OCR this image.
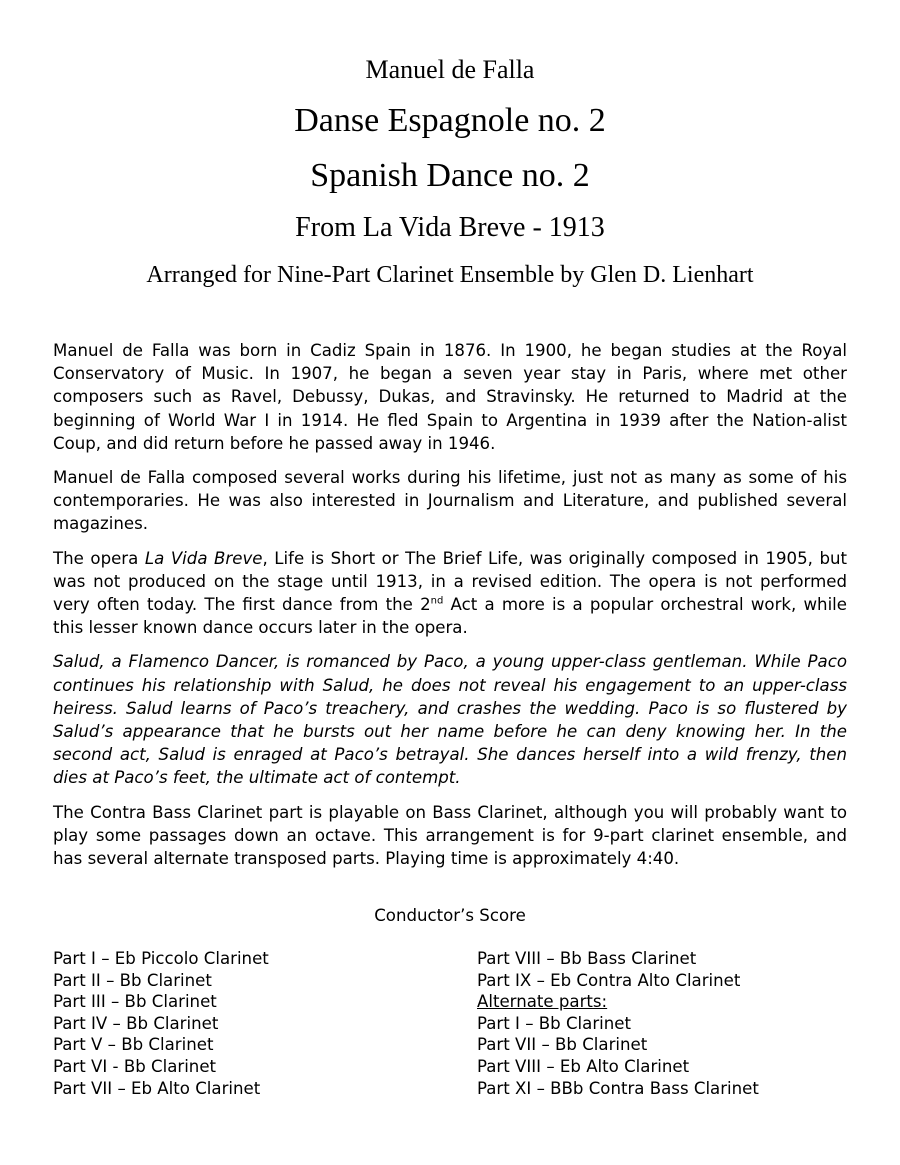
Manuel de Falla
Danse Espagnole no. 2
Spanish Dance no. 2
From La Vida Breve - 1913
Arranged for Nine-Part Clarinet Ensemble by Glen D. Lienhart

Manuel de Falla was born in Cadiz Spain in 1876. In 1900, he began studies at the Royal Conservatory of Music. In 1907, he began a seven year stay in Paris, where met other composers such as Ravel, Debussy, Dukas, and Stravinsky. He returned to Madrid at the beginning of World War I in 1914. He fled Spain to Argentina in 1939 after the Nation-alist Coup, and did return before he passed away in 1946.

Manuel de Falla composed several works during his lifetime, just not as many as some of his contemporaries. He was also interested in Journalism and Literature, and published several magazines.

The opera La Vida Breve, Life is Short or The Brief Life, was originally composed in 1905, but was not produced on the stage until 1913, in a revised edition. The opera is not performed very often today. The first dance from the 2nd Act a more is a popular orchestral work, while this lesser known dance occurs later in the opera.

Salud, a Flamenco Dancer, is romanced by Paco, a young upper-class gentleman. While Paco continues his relationship with Salud, he does not reveal his engagement to an upper-class heiress. Salud learns of Paco’s treachery, and crashes the wedding. Paco is so flustered by Salud’s appearance that he bursts out her name before he can deny knowing her. In the second act, Salud is enraged at Paco’s betrayal. She dances herself into a wild frenzy, then dies at Paco’s feet, the ultimate act of contempt.

The Contra Bass Clarinet part is playable on Bass Clarinet, although you will probably want to play some passages down an octave. This arrangement is for 9-part clarinet ensemble, and has several alternate transposed parts. Playing time is approximately 4:40.

Conductor’s Score
Part I – Eb Piccolo Clarinet
Part II – Bb Clarinet
Part III – Bb Clarinet
Part IV – Bb Clarinet
Part V – Bb Clarinet
Part VI - Bb Clarinet
Part VII – Eb Alto Clarinet
Part VIII – Bb Bass Clarinet
Part IX – Eb Contra Alto Clarinet
Alternate parts:
Part I – Bb Clarinet
Part VII – Bb Clarinet
Part VIII – Eb Alto Clarinet
Part XI – BBb Contra Bass Clarinet
